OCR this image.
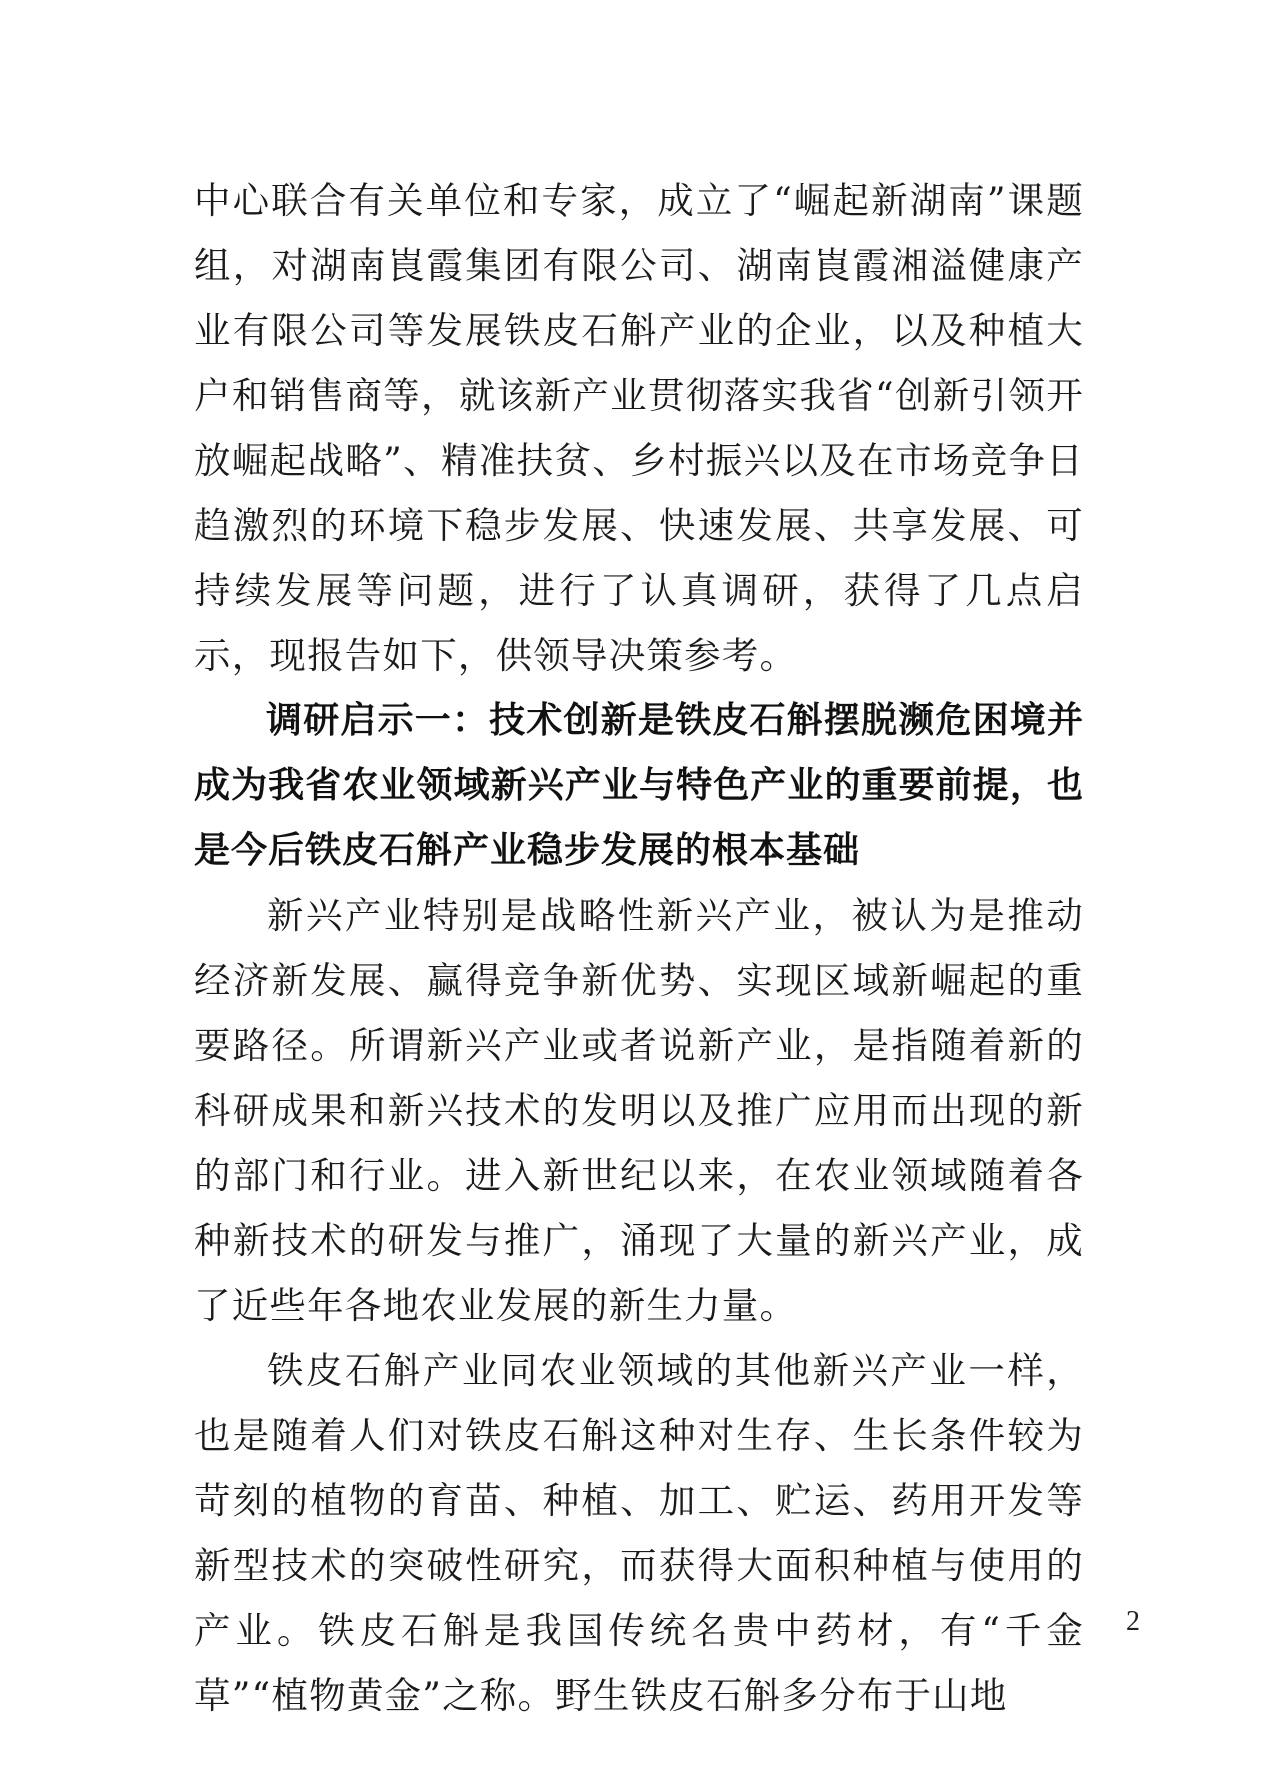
中心联合有关单位和专家，成立了“崛起新湖南”课题组，对湖南崀霞集团有限公司、湖南崀霞湘溢健康产业有限公司等发展铁皮石斛产业的企业，以及种植大户和销售商等，就该新产业贯彻落实我省“创新引领开放崛起战略”、精准扶贫、乡村振兴以及在市场竞争日趋激烈的环境下稳步发展、快速发展、共享发展、可持续发展等问题，进行了认真调研，获得了几点启示，现报告如下，供领导决策参考。

调研启示一：技术创新是铁皮石斛摆脱濒危困境并成为我省农业领域新兴产业与特色产业的重要前提，也是今后铁皮石斛产业稳步发展的根本基础

新兴产业特别是战略性新兴产业，被认为是推动经济新发展、赢得竞争新优势、实现区域新崛起的重要路径。所谓新兴产业或者说新产业，是指随着新的科研成果和新兴技术的发明以及推广应用而出现的新的部门和行业。进入新世纪以来，在农业领域随着各种新技术的研发与推广，涌现了大量的新兴产业，成了近些年各地农业发展的新生力量。

铁皮石斛产业同农业领域的其他新兴产业一样，也是随着人们对铁皮石斛这种对生存、生长条件较为苛刻的植物的育苗、种植、加工、贮运、药用开发等新型技术的突破性研究，而获得大面积种植与使用的产业。铁皮石斛是我国传统名贵中药材，有“千金草”“植物黄金”之称。野生铁皮石斛多分布于山地

2
